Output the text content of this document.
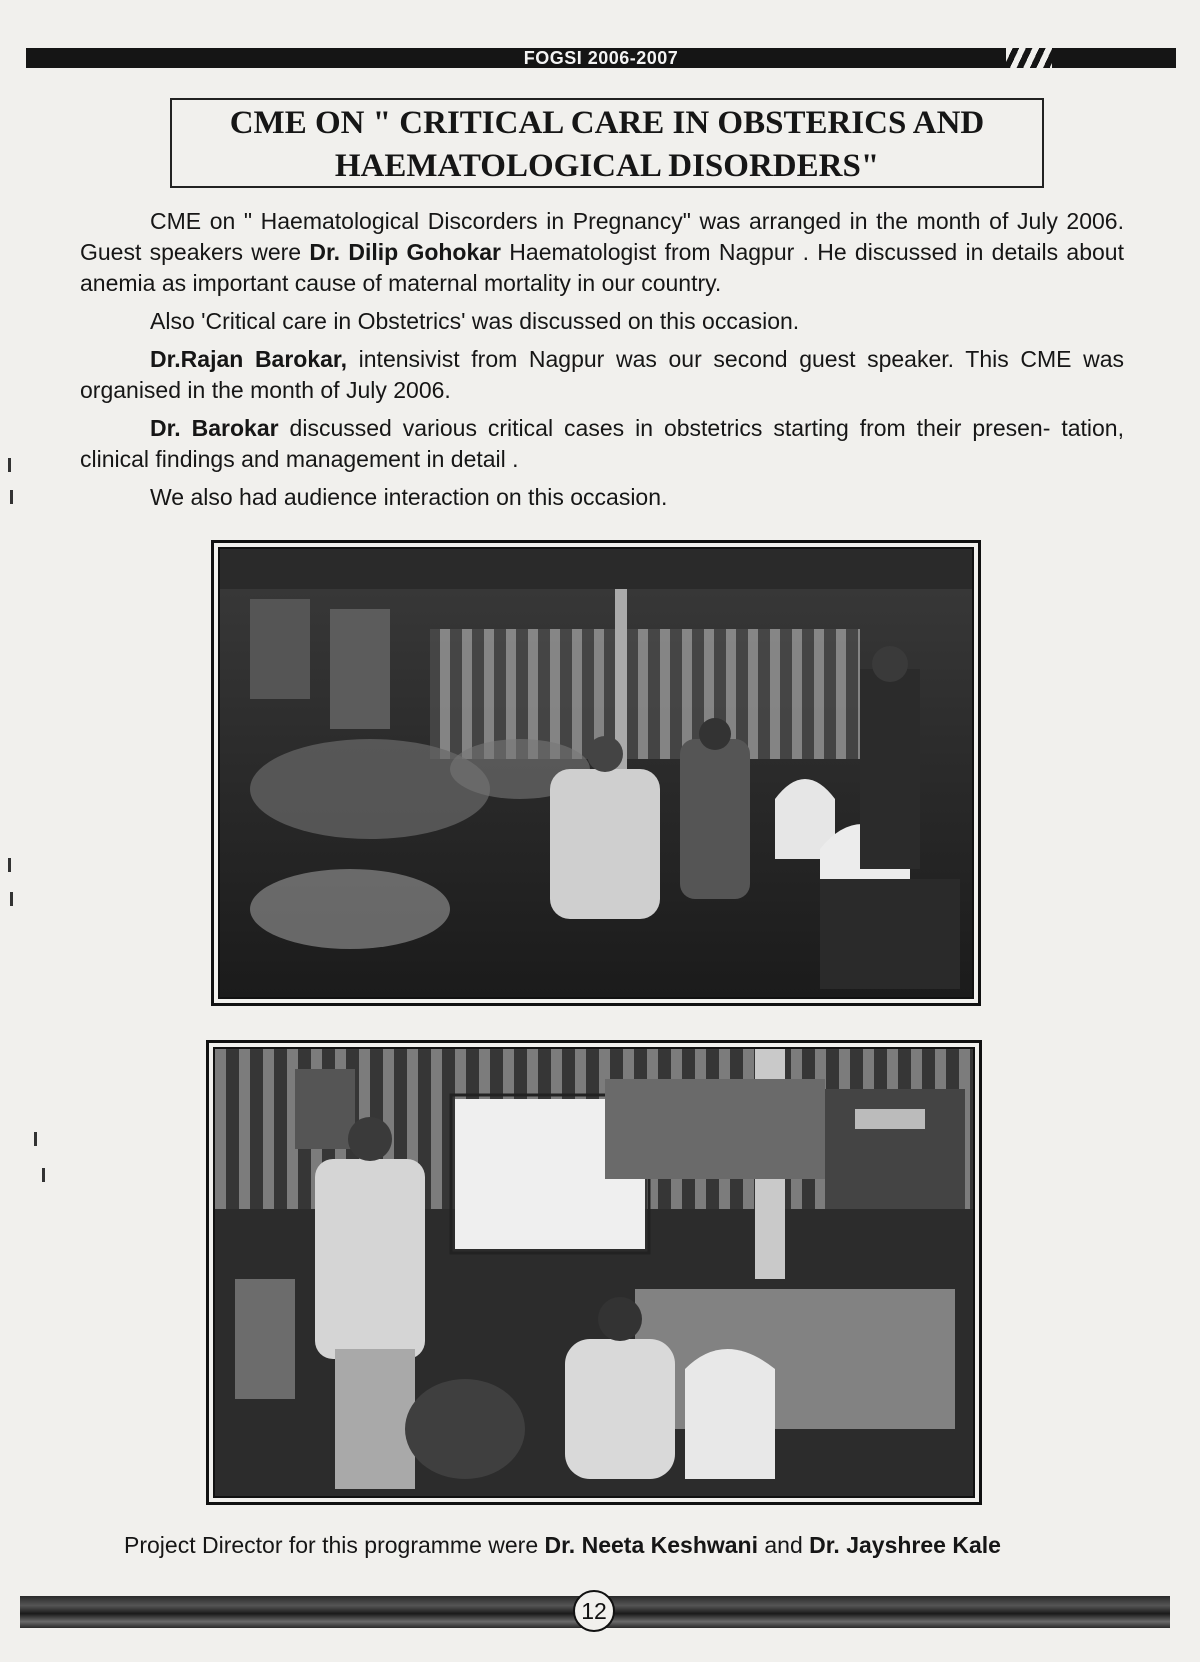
FOGSI 2006-2007
CME ON " CRITICAL CARE IN OBSTERICS AND
HAEMATOLOGICAL DISORDERS"

CME on " Haematological Discorders in Pregnancy" was arranged in the month of July 2006. Guest speakers were Dr. Dilip Gohokar Haematologist from Nagpur . He discussed in details about anemia as important cause of maternal mortality in our country.

Also 'Critical care in Obstetrics' was discussed on this occasion.

Dr.Rajan Barokar, intensivist from Nagpur was our second guest speaker. This CME was organised in the month of July 2006.

Dr. Barokar discussed various critical cases in obstetrics starting from their presen- tation, clinical findings and management in detail .

We also had audience interaction on this occasion.

Project Director for this programme were Dr. Neeta Keshwani and Dr. Jayshree Kale
12
